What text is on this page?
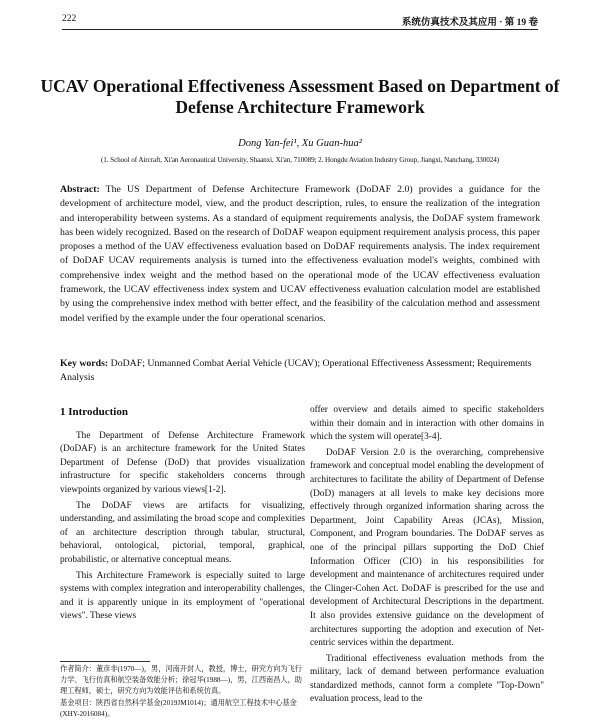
222	系统仿真技术及其应用 · 第 19 卷
UCAV Operational Effectiveness Assessment Based on Department of Defense Architecture Framework
Dong Yan-fei¹, Xu Guan-hua²
(1. School of Aircraft, Xi'an Aeronautical University, Shaanxi, Xi'an, 710089; 2. Hongdu Aviation Industry Group, Jiangxi, Nanchang, 330024)
Abstract: The US Department of Defense Architecture Framework (DoDAF 2.0) provides a guidance for the development of architecture model, view, and the product description, rules, to ensure the realization of the integration and interoperability between systems. As a standard of equipment requirements analysis, the DoDAF system framework has been widely recognized. Based on the research of DoDAF weapon equipment requirement analysis process, this paper proposes a method of the UAV effectiveness evaluation based on DoDAF requirements analysis. The index requirement of DoDAF UCAV requirements analysis is turned into the effectiveness evaluation model's weights, combined with comprehensive index weight and the method based on the operational mode of the UCAV effectiveness evaluation framework, the UCAV effectiveness index system and UCAV effectiveness evaluation calculation model are established by using the comprehensive index method with better effect, and the feasibility of the calculation method and assessment model verified by the example under the four operational scenarios.
Key words: DoDAF; Unmanned Combat Aerial Vehicle (UCAV); Operational Effectiveness Assessment; Requirements Analysis
1 Introduction

The Department of Defense Architecture Framework (DoDAF) is an architecture framework for the United States Department of Defense (DoD) that provides visualization infrastructure for specific stakeholders concerns through viewpoints organized by various views[1-2].

The DoDAF views are artifacts for visualizing, understanding, and assimilating the broad scope and complexities of an architecture description through tabular, structural, behavioral, ontological, pictorial, temporal, graphical, probabilistic, or alternative conceptual means.

This Architecture Framework is especially suited to large systems with complex integration and interoperability challenges, and it is apparently unique in its employment of "operational views". These views

offer overview and details aimed to specific stakeholders within their domain and in interaction with other domains in which the system will operate[3-4].

DoDAF Version 2.0 is the overarching, comprehensive framework and conceptual model enabling the development of architectures to facilitate the ability of Department of Defense (DoD) managers at all levels to make key decisions more effectively through organized information sharing across the Department, Joint Capability Areas (JCAs), Mission, Component, and Program boundaries. The DoDAF serves as one of the principal pillars supporting the DoD Chief Information Officer (CIO) in his responsibilities for development and maintenance of architectures required under the Clinger-Cohen Act. DoDAF is prescribed for the use and development of Architectural Descriptions in the department. It also provides extensive guidance on the development of architectures supporting the adoption and execution of Net-centric services within the department.

Traditional effectiveness evaluation methods from the military, lack of demand between performance evaluation standardized methods, cannot form a complete "Top-Down" evaluation process, lead to the

作者简介：董彦非(1970—)，男，河南开封人，教授，博士，研究方向为飞行力学、飞行仿真和航空装备效能分析；徐冠华(1988—)，男，江西南昌人，助理工程师，硕士，研究方向为效能评估和系统仿真。
基金项目：陕西省自然科学基金(2019JM1014)；通用航空工程技术中心基金(XHY-2016084)。
